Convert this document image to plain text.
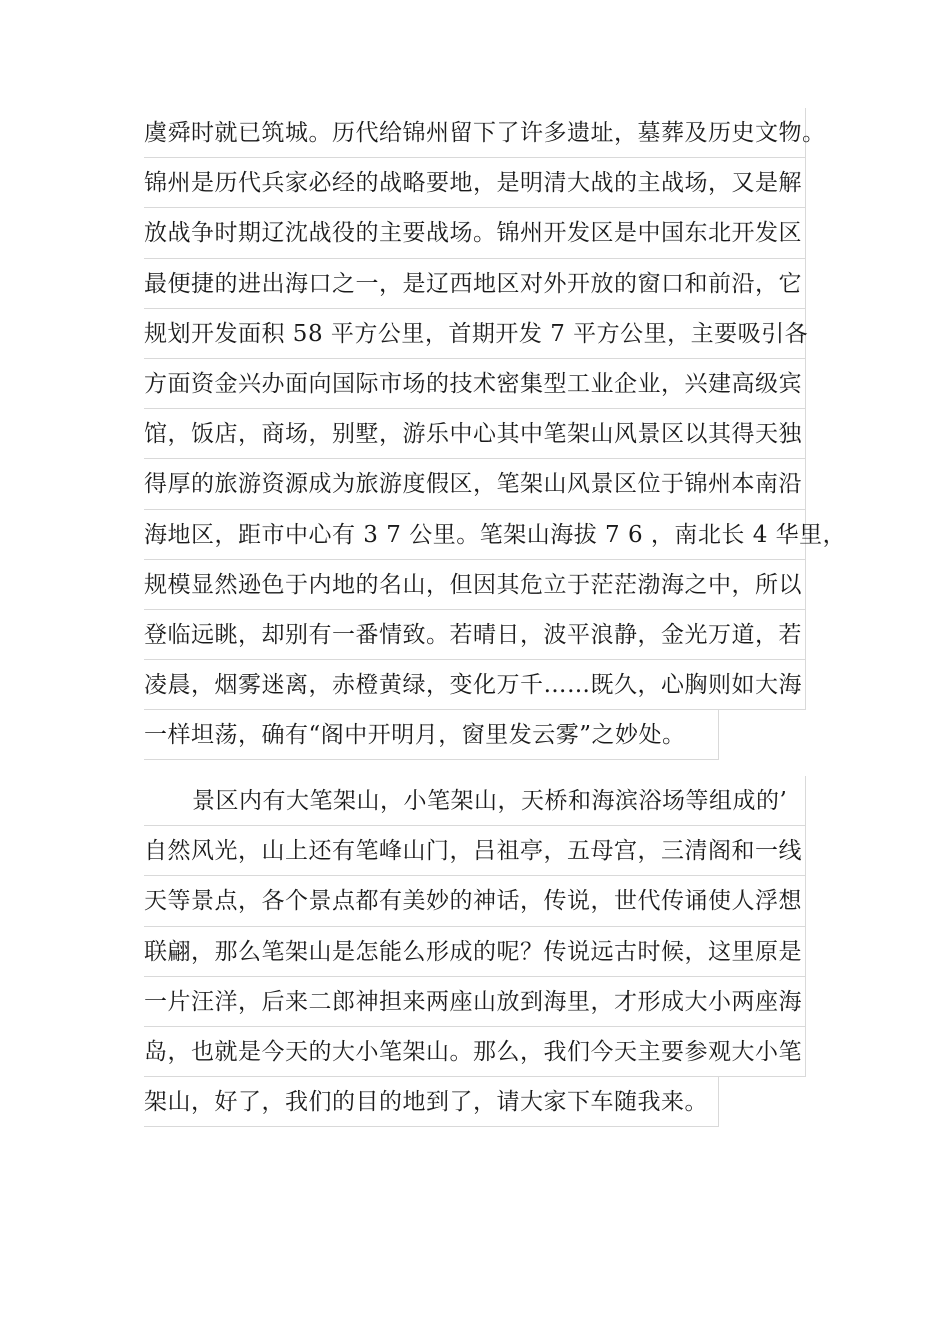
虞舜时就已筑城。历代给锦州留下了许多遗址，墓葬及历史文物。
锦州是历代兵家必经的战略要地，是明清大战的主战场，又是解
放战争时期辽沈战役的主要战场。锦州开发区是中国东北开发区
最便捷的进出海口之一，是辽西地区对外开放的窗口和前沿，它
规划开发面积 58 平方公里，首期开发 7 平方公里，主要吸引各
方面资金兴办面向国际市场的技术密集型工业企业，兴建高级宾
馆，饭店，商场，别墅，游乐中心其中笔架山风景区以其得天独
得厚的旅游资源成为旅游度假区，笔架山风景区位于锦州本南沿
海地区，距市中心有 3 7 公里。笔架山海拔 7 6 ，南北长 4 华里，
规模显然逊色于内地的名山，但因其危立于茫茫渤海之中，所以
登临远眺，却别有一番情致。若晴日，波平浪静，金光万道，若
凌晨，烟雾迷离，赤橙黄绿，变化万千……既久，心胸则如大海
一样坦荡，确有“阁中开明月，窗里发云雾”之妙处。
景区内有大笔架山，小笔架山，天桥和海滨浴场等组成的’
自然风光，山上还有笔峰山门，吕祖亭，五母宫，三清阁和一线
天等景点，各个景点都有美妙的神话，传说，世代传诵使人浮想
联翩，那么笔架山是怎能么形成的呢？传说远古时候，这里原是
一片汪洋，后来二郎神担来两座山放到海里，才形成大小两座海
岛，也就是今天的大小笔架山。那么，我们今天主要参观大小笔
架山，好了，我们的目的地到了，请大家下车随我来。
